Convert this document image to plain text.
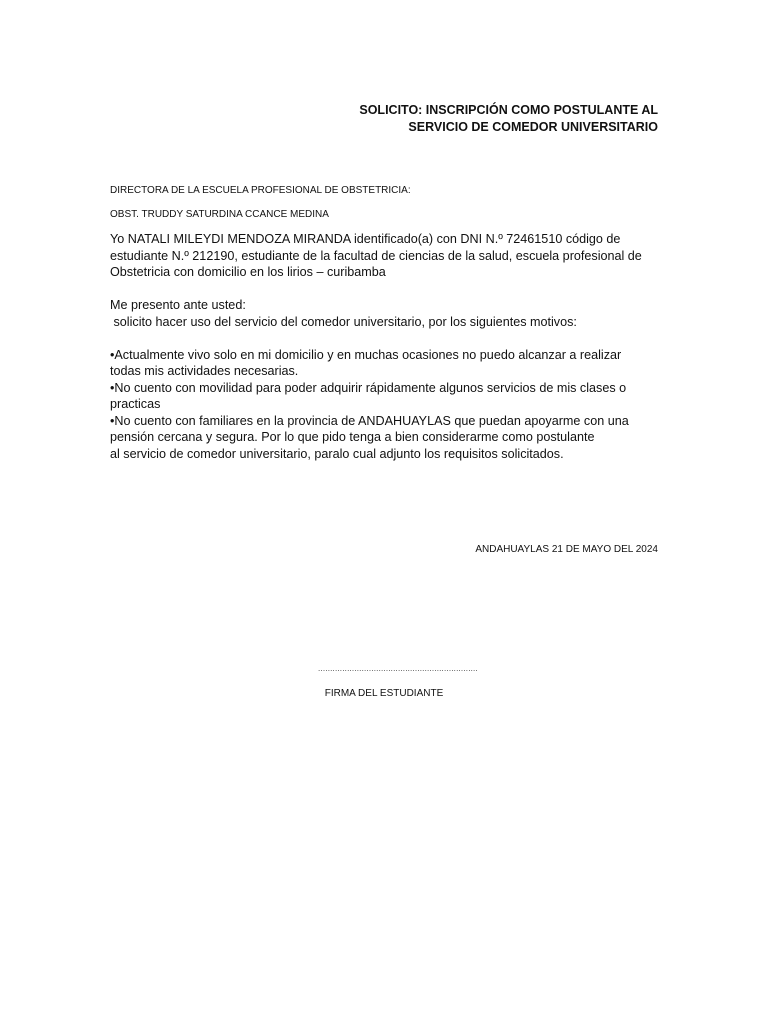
SOLICITO: INSCRIPCIÓN COMO POSTULANTE AL
SERVICIO DE COMEDOR UNIVERSITARIO
DIRECTORA DE LA ESCUELA PROFESIONAL DE OBSTETRICIA:
OBST. TRUDDY SATURDINA CCANCE MEDINA
Yo NATALI MILEYDI MENDOZA MIRANDA identificado(a) con DNI N.º 72461510 código de
estudiante N.º 212190, estudiante de la facultad de ciencias de la salud, escuela profesional de
Obstetricia con domicilio en los lirios – curibamba
Me presento ante usted:
solicito hacer uso del servicio del comedor universitario, por los siguientes motivos:
•Actualmente vivo solo en mi domicilio y en muchas ocasiones no puedo alcanzar a realizar
todas mis actividades necesarias.
•No cuento con movilidad para poder adquirir rápidamente algunos servicios de mis clases o
practicas
•No cuento con familiares en la provincia de ANDAHUAYLAS que puedan apoyarme con una
pensión cercana y segura. Por lo que pido tenga a bien considerarme como postulante
al servicio de comedor universitario, paralo cual adjunto los requisitos solicitados.
ANDAHUAYLAS 21 DE MAYO DEL 2024
..................................................................
FIRMA DEL ESTUDIANTE
